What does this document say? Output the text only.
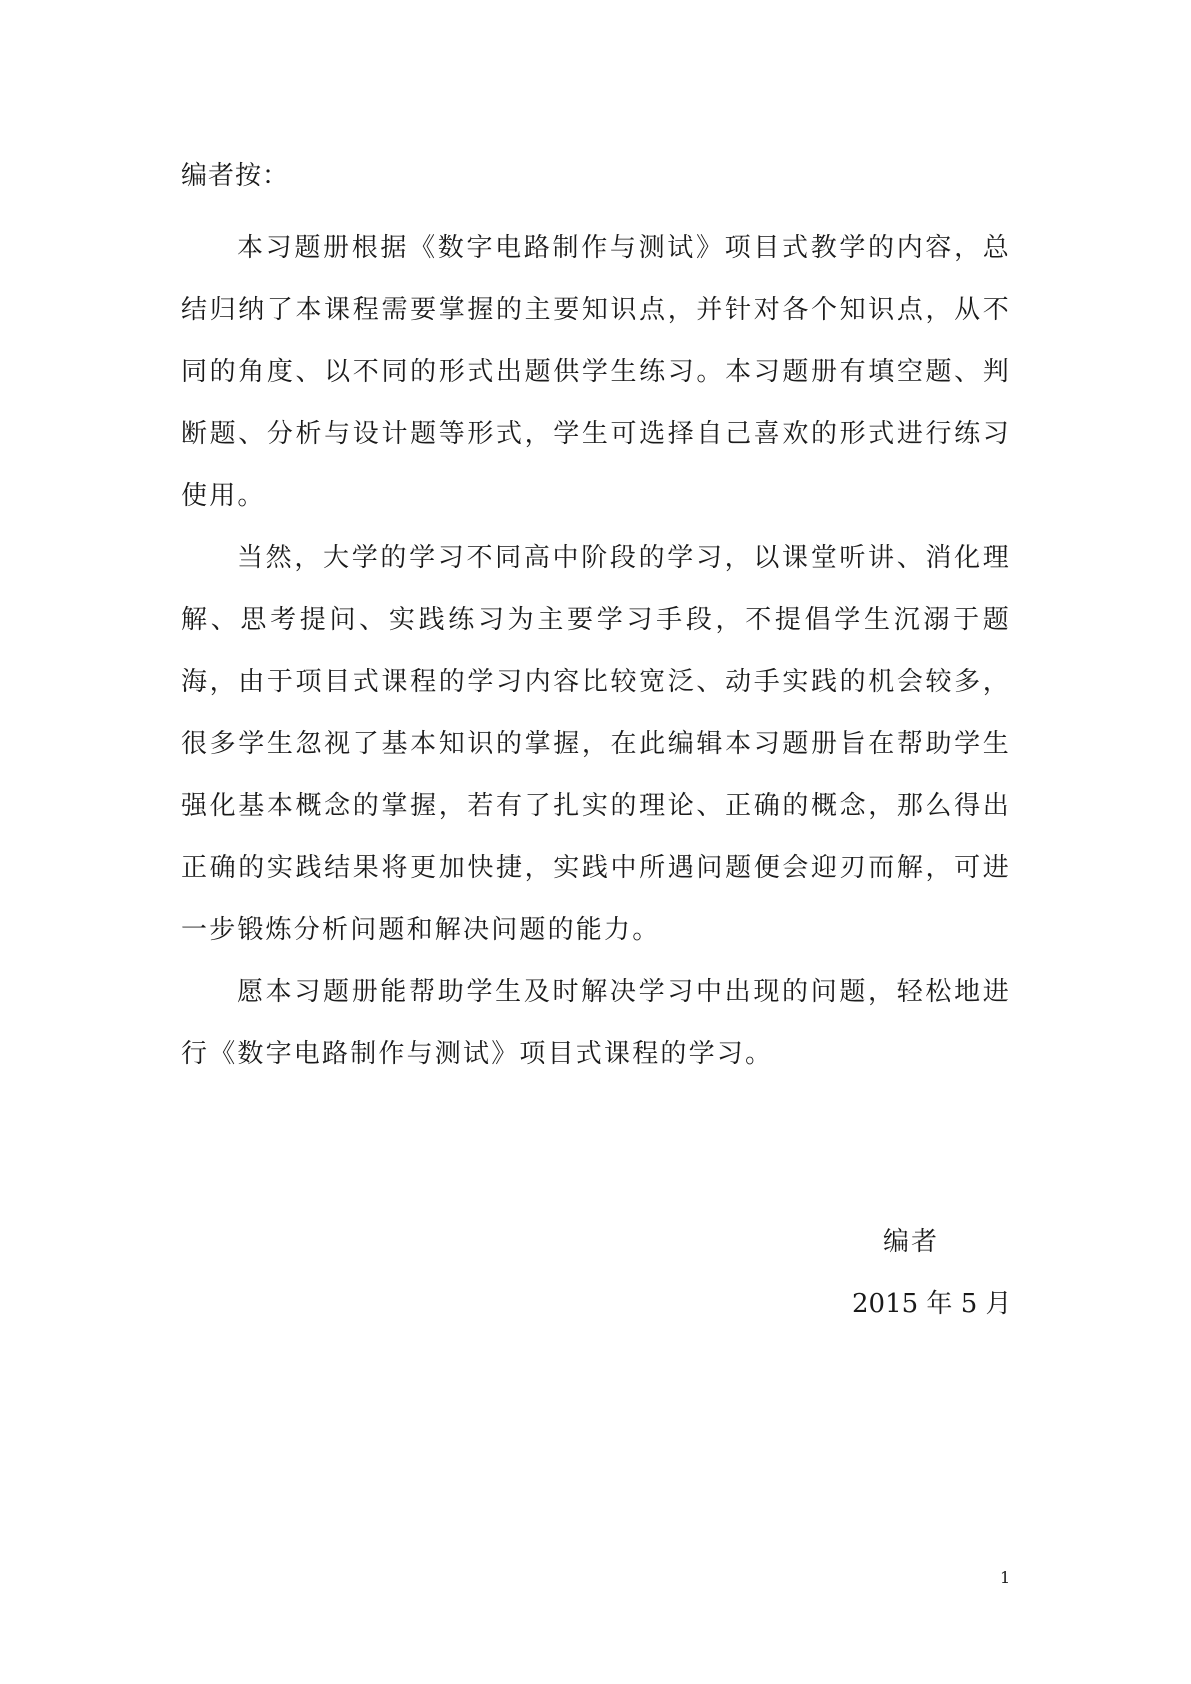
编者按：

本习题册根据《数字电路制作与测试》项目式教学的内容，总结归纳了本课程需要掌握的主要知识点，并针对各个知识点，从不同的角度、以不同的形式出题供学生练习。本习题册有填空题、判断题、分析与设计题等形式，学生可选择自己喜欢的形式进行练习使用。

当然，大学的学习不同高中阶段的学习，以课堂听讲、消化理解、思考提问、实践练习为主要学习手段，不提倡学生沉溺于题海，由于项目式课程的学习内容比较宽泛、动手实践的机会较多，很多学生忽视了基本知识的掌握，在此编辑本习题册旨在帮助学生强化基本概念的掌握，若有了扎实的理论、正确的概念，那么得出正确的实践结果将更加快捷，实践中所遇问题便会迎刃而解，可进一步锻炼分析问题和解决问题的能力。

愿本习题册能帮助学生及时解决学习中出现的问题，轻松地进行《数字电路制作与测试》项目式课程的学习。

编者
2015 年 5 月
1
